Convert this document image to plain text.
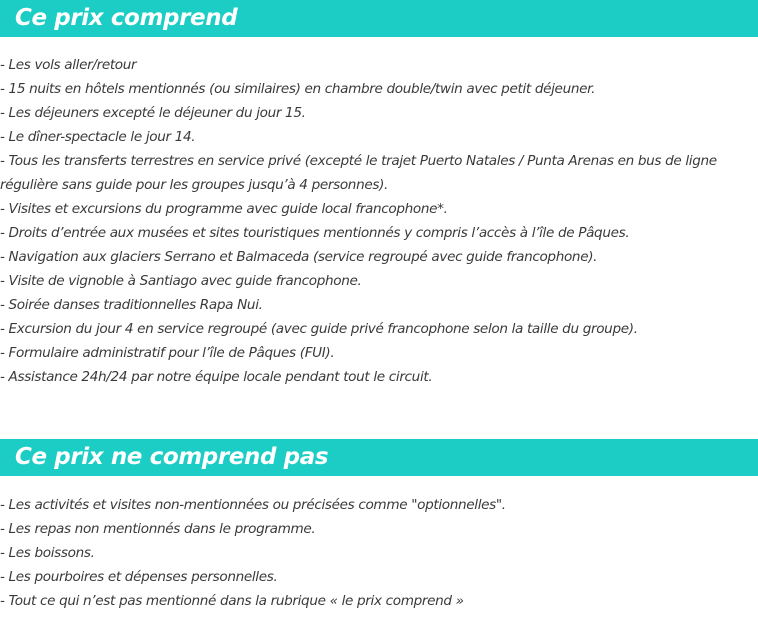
Ce prix comprend
- Les vols aller/retour
- 15 nuits en hôtels mentionnés (ou similaires) en chambre double/twin avec petit déjeuner.
- Les déjeuners excepté le déjeuner du jour 15.
- Le dîner-spectacle le jour 14.
- Tous les transferts terrestres en service privé (excepté le trajet Puerto Natales / Punta Arenas en bus de ligne régulière sans guide pour les groupes jusqu’à 4 personnes).
- Visites et excursions du programme avec guide local francophone*.
- Droits d’entrée aux musées et sites touristiques mentionnés y compris l’accès à l’île de Pâques.
- Navigation aux glaciers Serrano et Balmaceda (service regroupé avec guide francophone).
- Visite de vignoble à Santiago avec guide francophone.
- Soirée danses traditionnelles Rapa Nui.
- Excursion du jour 4 en service regroupé (avec guide privé francophone selon la taille du groupe).
- Formulaire administratif pour l’île de Pâques (FUI).
- Assistance 24h/24 par notre équipe locale pendant tout le circuit.
Ce prix ne comprend pas
- Les activités et visites non-mentionnées ou précisées comme "optionnelles".
- Les repas non mentionnés dans le programme.
- Les boissons.
- Les pourboires et dépenses personnelles.
- Tout ce qui n’est pas mentionné dans la rubrique « le prix comprend »
